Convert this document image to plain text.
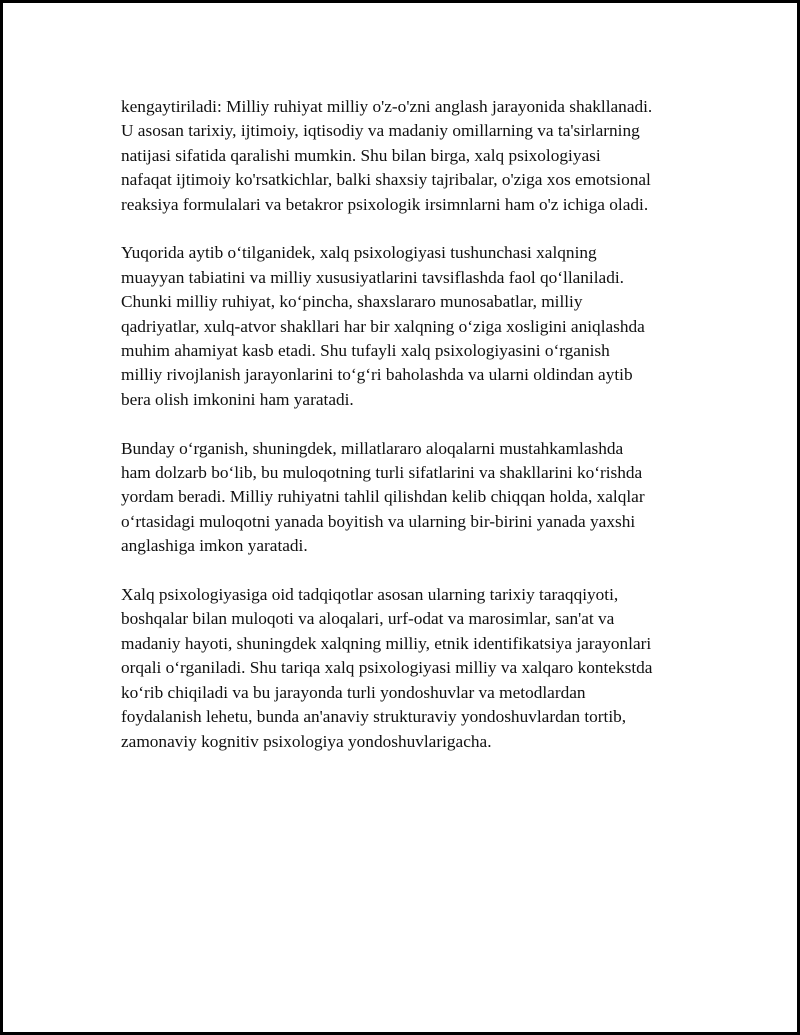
kengaytiriladi: Milliy ruhiyat milliy o'z-o'zni anglash jarayonida shakllanadi.
U asosan tarixiy, ijtimoiy, iqtisodiy va madaniy omillarning va ta'sirlarning
natijasi sifatida qaralishi mumkin. Shu bilan birga, xalq psixologiyasi
nafaqat ijtimoiy ko'rsatkichlar, balki shaxsiy tajribalar, o'ziga xos emotsional
reaksiya formulalari va betakror psixologik irsimnlarni ham o'z ichiga oladi.

Yuqorida aytib o‘tilganidek, xalq psixologiyasi tushunchasi xalqning
muayyan tabiatini va milliy xususiyatlarini tavsiflashda faol qo‘llaniladi.
Chunki milliy ruhiyat, ko‘pincha, shaxslararo munosabatlar, milliy
qadriyatlar, xulq-atvor shakllari har bir xalqning o‘ziga xosligini aniqlashda
muhim ahamiyat kasb etadi. Shu tufayli xalq psixologiyasini o‘rganish
milliy rivojlanish jarayonlarini to‘g‘ri baholashda va ularni oldindan aytib
bera olish imkonini ham yaratadi.

Bunday o‘rganish, shuningdek, millatlararo aloqalarni mustahkamlashda
ham dolzarb bo‘lib, bu muloqotning turli sifatlarini va shakllarini ko‘rishda
yordam beradi. Milliy ruhiyatni tahlil qilishdan kelib chiqqan holda, xalqlar
o‘rtasidagi muloqotni yanada boyitish va ularning bir-birini yanada yaxshi
anglashiga imkon yaratadi.

Xalq psixologiyasiga oid tadqiqotlar asosan ularning tarixiy taraqqiyoti,
boshqalar bilan muloqoti va aloqalari, urf-odat va marosimlar, san'at va
madaniy hayoti, shuningdek xalqning milliy, etnik identifikatsiya jarayonlari
orqali o‘rganiladi. Shu tariqa xalq psixologiyasi milliy va xalqaro kontekstda
ko‘rib chiqiladi va bu jarayonda turli yondoshuvlar va metodlardan
foydalanish lehetu, bunda an'anaviy strukturaviy yondoshuvlardan tortib,
zamonaviy kognitiv psixologiya yondoshuvlarigacha.
